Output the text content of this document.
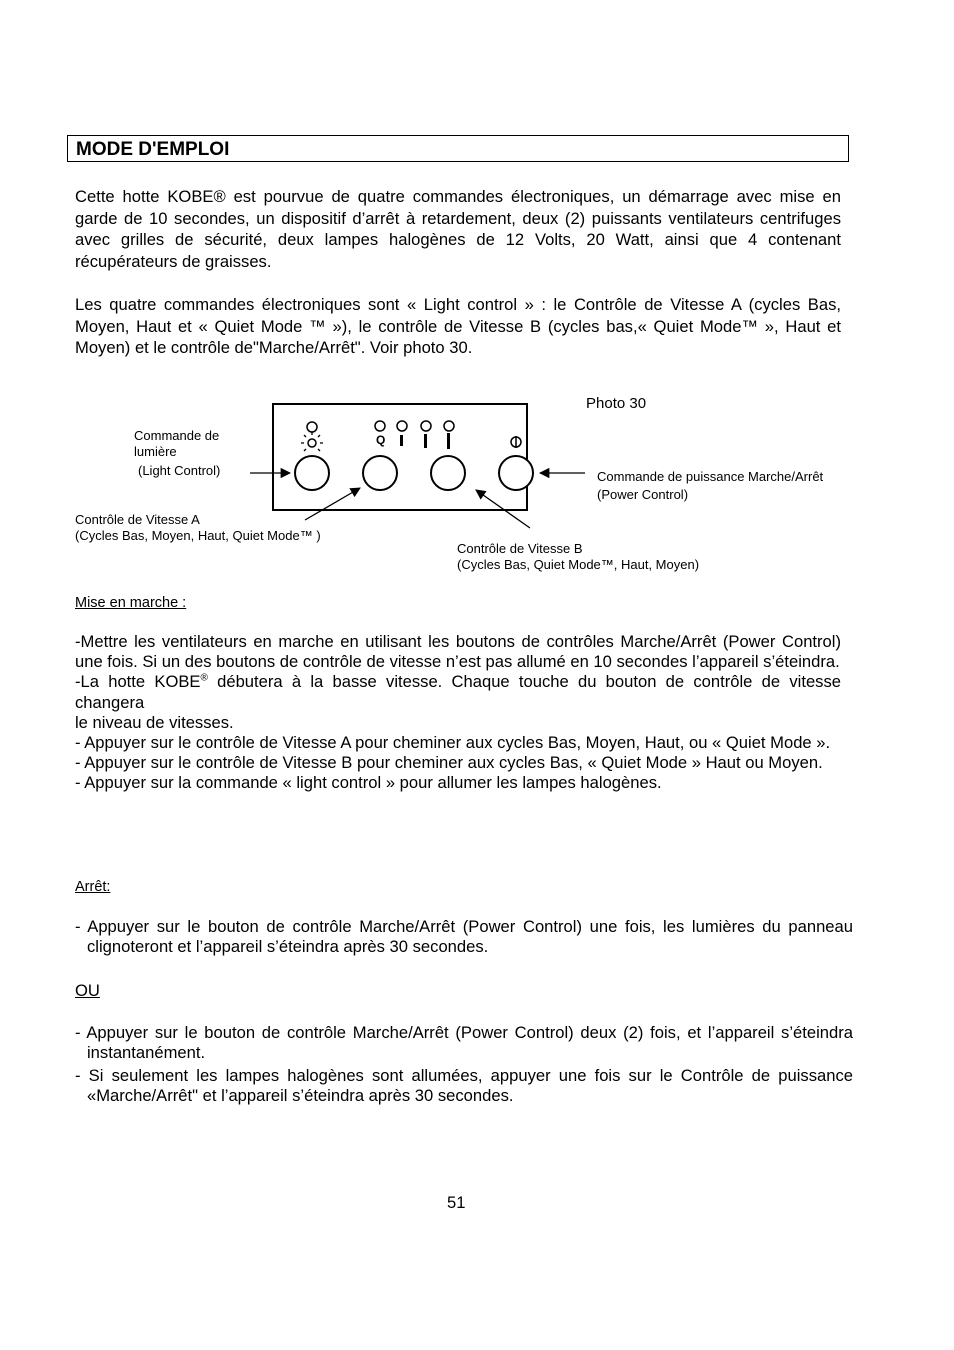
MODE D'EMPLOI
Cette hotte KOBE® est pourvue de quatre commandes électroniques, un démarrage avec mise en garde de 10 secondes, un dispositif d’arrêt à retardement, deux (2) puissants ventilateurs centrifuges avec grilles de sécurité, deux lampes halogènes de 12 Volts, 20 Watt, ainsi que 4 contenant récupérateurs de graisses.
Les quatre commandes électroniques sont « Light control » : le Contrôle de Vitesse A (cycles Bas, Moyen, Haut et « Quiet Mode ™ »), le contrôle de Vitesse B (cycles bas,« Quiet Mode™ », Haut et Moyen) et le contrôle de"Marche/Arrêt". Voir photo 30.
Q
Photo 30
Commande de
lumière
(Light Control)	Commande de puissance Marche/Arrêt
(Power Control)
Contrôle de Vitesse A
(Cycles Bas, Moyen, Haut, Quiet Mode™ )
Contrôle de Vitesse B
(Cycles Bas, Quiet Mode™, Haut, Moyen)
Mise en marche :
-Mettre les ventilateurs en marche en utilisant les boutons de contrôles Marche/Arrêt (Power Control) une fois. Si un des boutons de contrôle de vitesse n’est pas allumé en 10 secondes l’appareil s’éteindra.
-La hotte KOBE® débutera à la basse vitesse. Chaque touche du bouton de contrôle de vitesse changera
le niveau de vitesses.
- Appuyer sur le contrôle de Vitesse A pour cheminer aux cycles Bas, Moyen, Haut, ou « Quiet Mode ».
- Appuyer sur le contrôle de Vitesse B pour cheminer aux cycles Bas, « Quiet Mode » Haut ou Moyen.
- Appuyer sur la commande « light control » pour allumer les lampes halogènes.
Arrêt:
- Appuyer sur le bouton de contrôle Marche/Arrêt (Power Control) une fois, les lumières du panneau clignoteront et l’appareil s’éteindra après 30 secondes.
OU
- Appuyer sur le bouton de contrôle Marche/Arrêt (Power Control) deux (2) fois, et l’appareil s’éteindra instantanément.
- Si seulement les lampes halogènes sont allumées, appuyer une fois sur le Contrôle de puissance «Marche/Arrêt" et l’appareil s’éteindra après 30 secondes.
51
